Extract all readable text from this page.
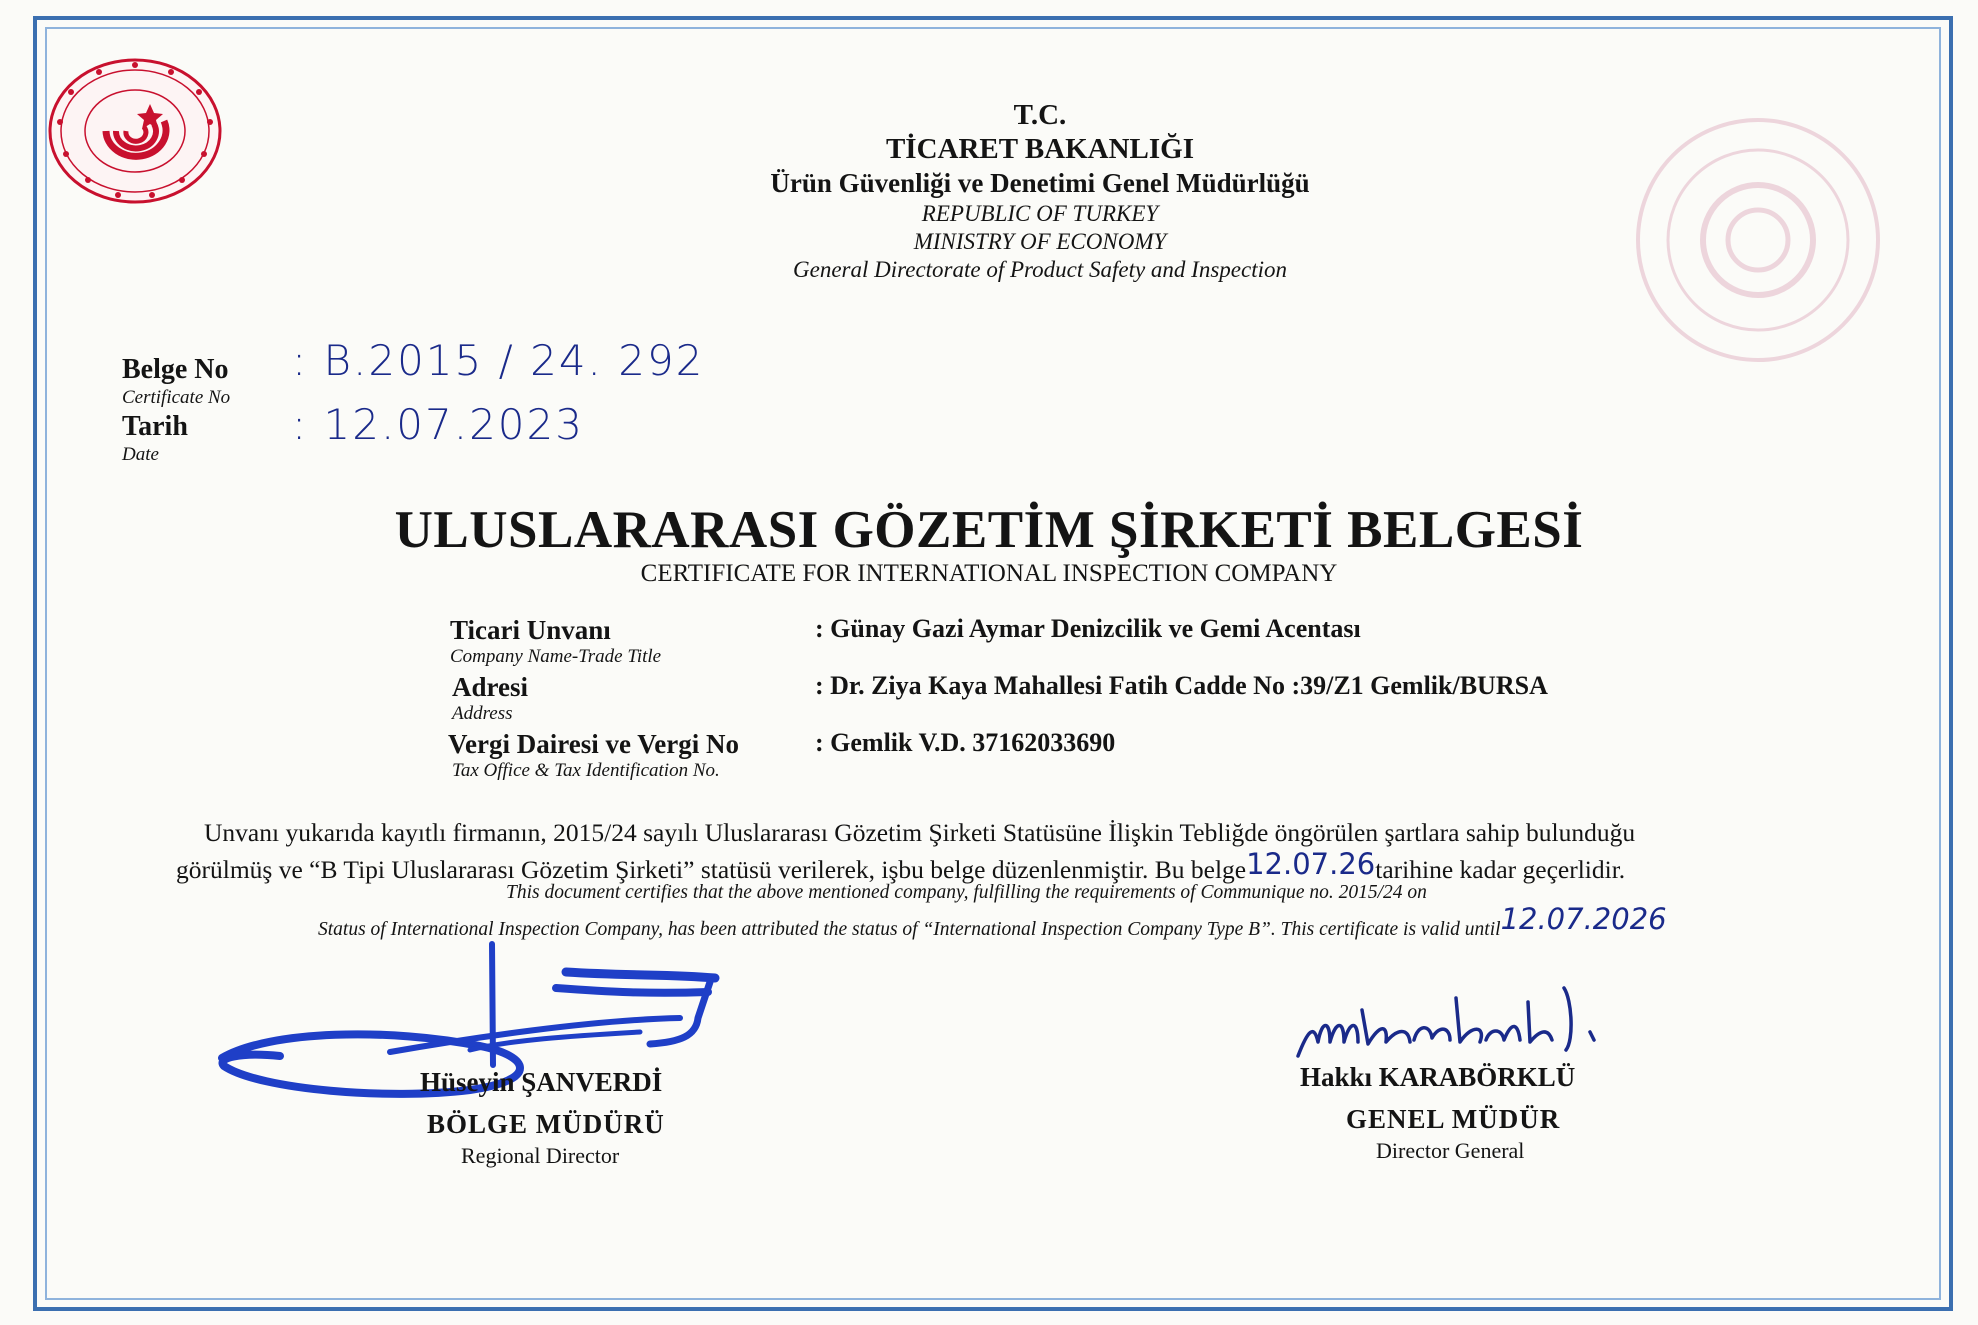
T.C.
TİCARET BAKANLIĞI
Ürün Güvenliği ve Denetimi Genel Müdürlüğü
REPUBLIC OF TURKEY
MINISTRY OF ECONOMY
General Directorate of Product Safety and Inspection
Belge No
Certificate No
: B.2015 / 24. 292
Tarih
Date
: 12.07.2023
ULUSLARARASI GÖZETİM ŞİRKETİ BELGESİ
CERTIFICATE FOR INTERNATIONAL INSPECTION COMPANY
Ticari Unvanı
Company Name-Trade Title
: Günay Gazi Aymar Denizcilik ve Gemi Acentası
Adresi
Address
: Dr. Ziya Kaya Mahallesi Fatih Cadde No :39/Z1 Gemlik/BURSA
Vergi Dairesi ve Vergi No
Tax Office & Tax Identification No.
: Gemlik V.D. 37162033690
Unvanı yukarıda kayıtlı firmanın, 2015/24 sayılı Uluslararası Gözetim Şirketi Statüsüne İlişkin Tebliğde öngörülen şartlara sahip bulunduğu
görülmüş ve “B Tipi Uluslararası Gözetim Şirketi” statüsü verilerek, işbu belge düzenlenmiştir. Bu belge12.07.26tarihine kadar geçerlidir.
This document certifies that the above mentioned company, fulfilling the requirements of Communique no. 2015/24 on
Status of International Inspection Company, has been attributed the status of “International Inspection Company Type B”. This certificate is valid until12.07.2026
Hüseyin ŞANVERDİ
BÖLGE MÜDÜRÜ
Regional Director
Hakkı KARABÖRKLÜ
GENEL MÜDÜR
Director General
